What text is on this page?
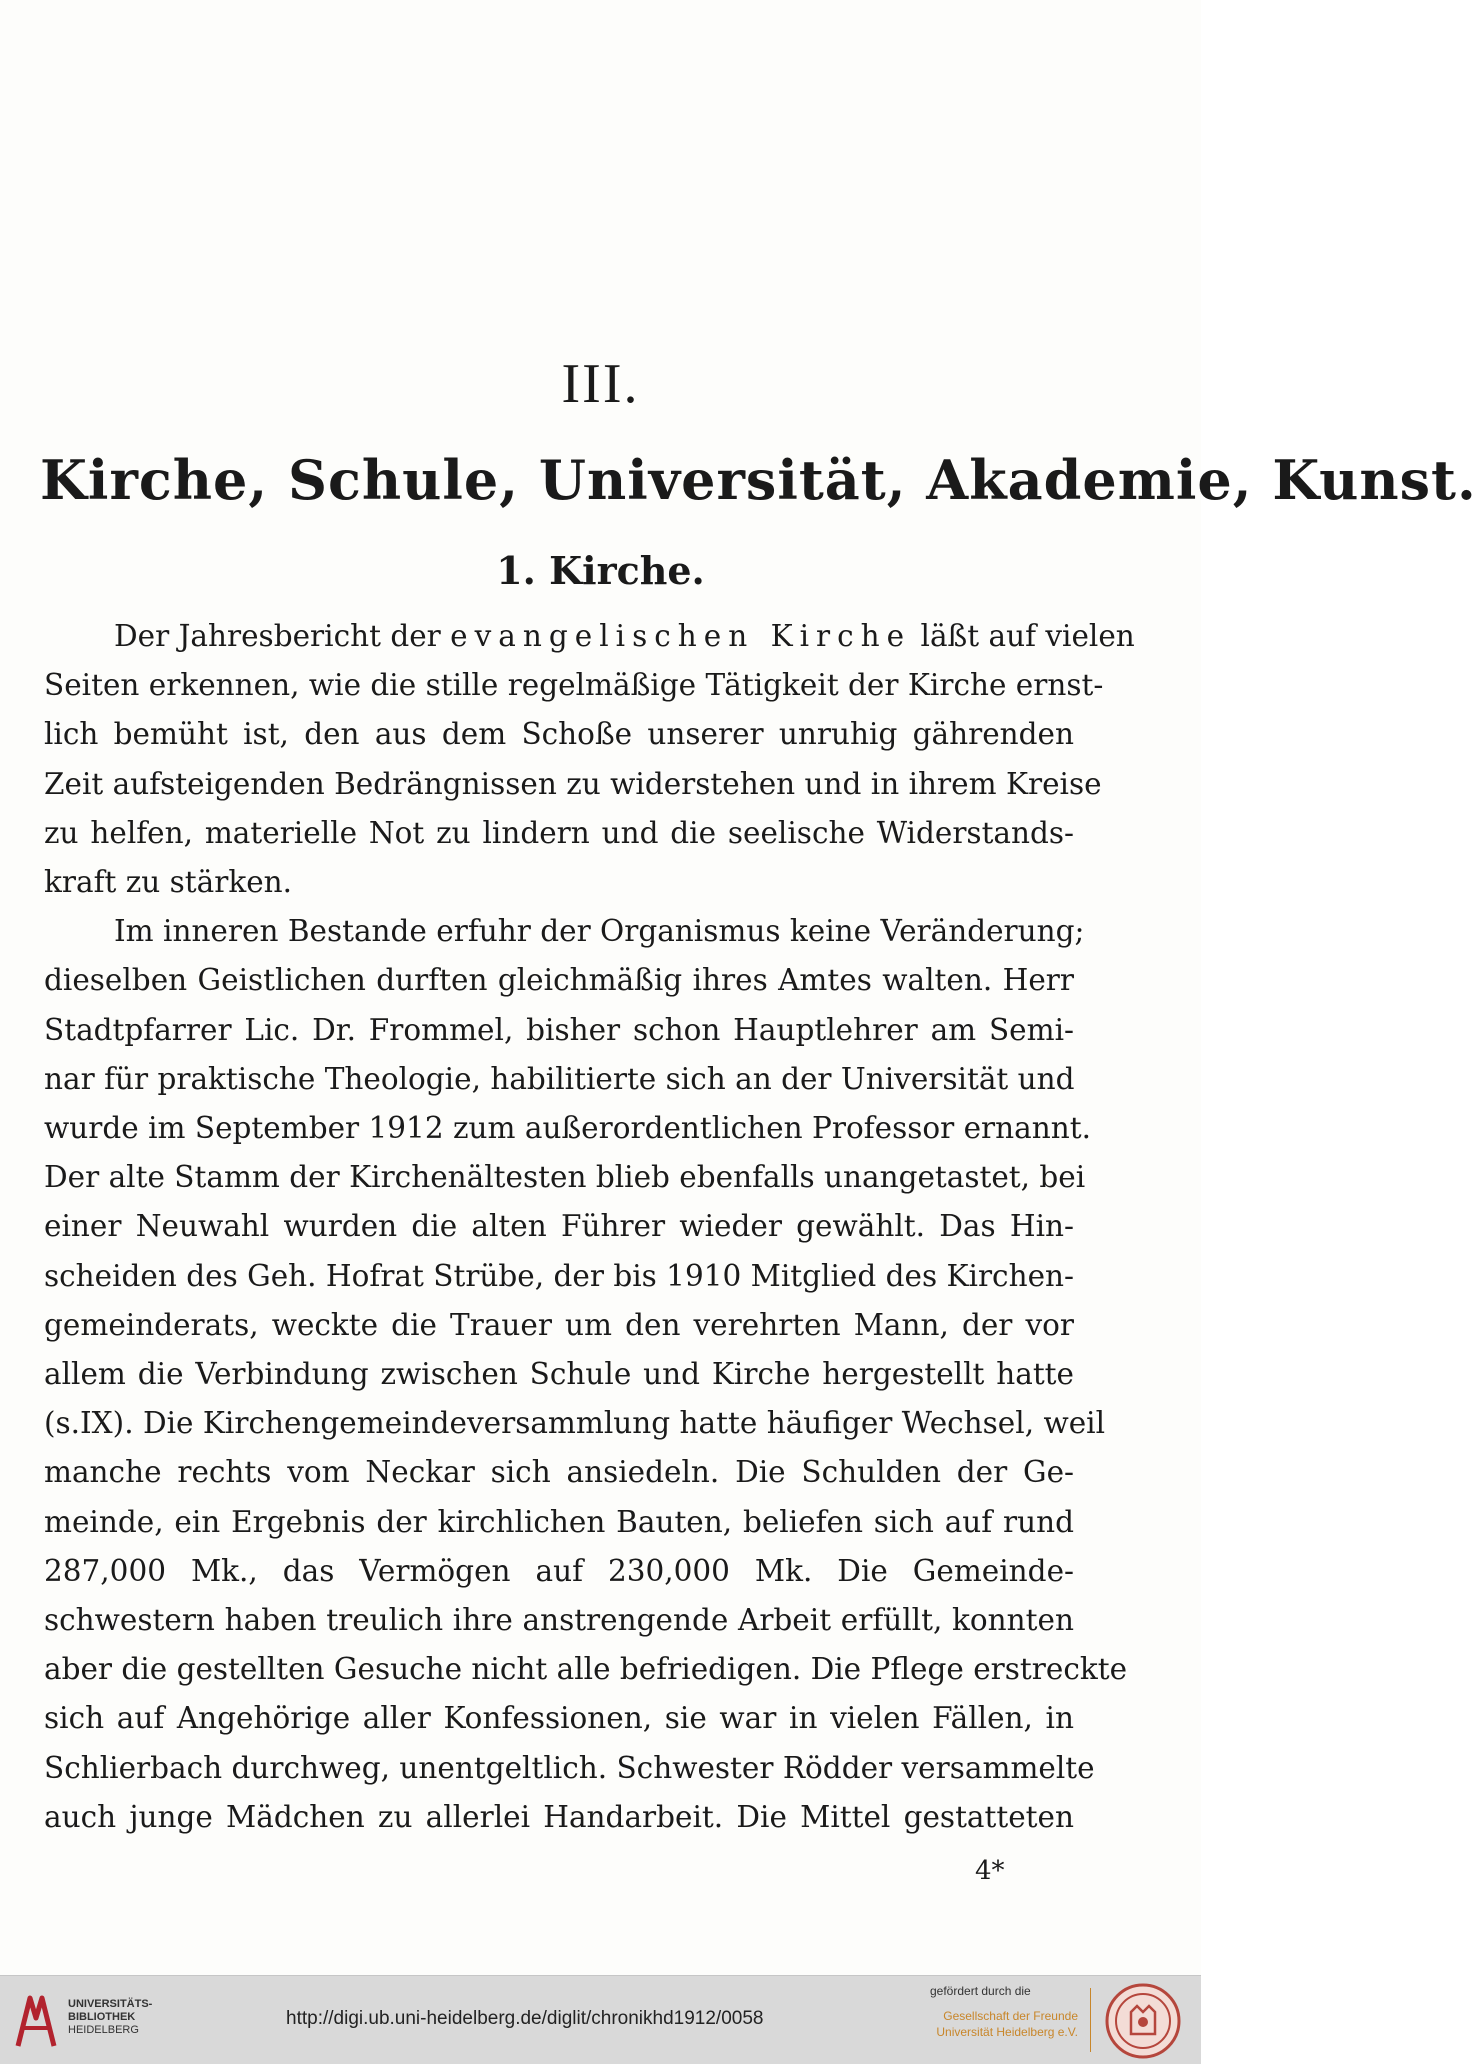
III.
Kirche, Schule, Universität, Akademie, Kunst.
1. Kirche.
Der Jahresbericht der evangelischen Kirche läßt auf vielen
Seiten erkennen, wie die stille regelmäßige Tätigkeit der Kirche ernst-
lich bemüht ist, den aus dem Schoße unserer unruhig gährenden
Zeit aufsteigenden Bedrängnissen zu widerstehen und in ihrem Kreise
zu helfen, materielle Not zu lindern und die seelische Widerstands-
kraft zu stärken.
Im inneren Bestande erfuhr der Organismus keine Veränderung;
dieselben Geistlichen durften gleichmäßig ihres Amtes walten. Herr
Stadtpfarrer Lic. Dr. Frommel, bisher schon Hauptlehrer am Semi-
nar für praktische Theologie, habilitierte sich an der Universität und
wurde im September 1912 zum außerordentlichen Professor ernannt.
Der alte Stamm der Kirchenältesten blieb ebenfalls unangetastet, bei
einer Neuwahl wurden die alten Führer wieder gewählt. Das Hin-
scheiden des Geh. Hofrat Strübe, der bis 1910 Mitglied des Kirchen-
gemeinderats, weckte die Trauer um den verehrten Mann, der vor
allem die Verbindung zwischen Schule und Kirche hergestellt hatte
(s.IX). Die Kirchengemeindeversammlung hatte häufiger Wechsel, weil
manche rechts vom Neckar sich ansiedeln. Die Schulden der Ge-
meinde, ein Ergebnis der kirchlichen Bauten, beliefen sich auf rund
287,000 Mk., das Vermögen auf 230,000 Mk. Die Gemeinde-
schwestern haben treulich ihre anstrengende Arbeit erfüllt, konnten
aber die gestellten Gesuche nicht alle befriedigen. Die Pflege erstreckte
sich auf Angehörige aller Konfessionen, sie war in vielen Fällen, in
Schlierbach durchweg, unentgeltlich. Schwester Rödder versammelte
auch junge Mädchen zu allerlei Handarbeit. Die Mittel gestatteten
4*
UNIVERSITÄTS-
BIBLIOTHEK
HEIDELBERG
http://digi.ub.uni-heidelberg.de/diglit/chronikhd1912/0058
gefördert durch die
Gesellschaft der Freunde
Universität Heidelberg e.V.
